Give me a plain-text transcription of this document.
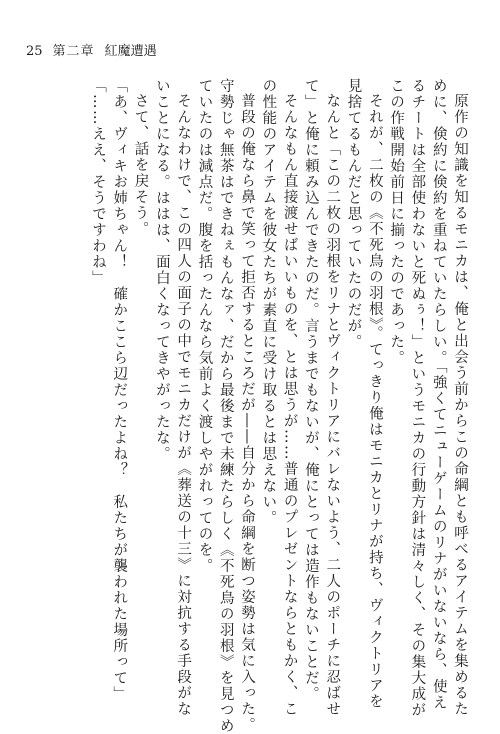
25 第二章 紅魔遭遇
原作の知識を知るモニカは、俺と出会う前からこの命綱とも呼べるアイテムを集めるた
めに、倹約に倹約を重ねていたらしい。「強くてニューゲームのリナがいないなら、使え
るチートは全部使わないと死ぬぅ！」というモニカの行動方針は清々しく、その集大成が
この作戦開始前日に揃ったのであった。
それが、二枚の《不死鳥の羽根》。てっきり俺はモニカとリナが持ち、ヴィクトリアを
見捨てるもんだと思っていたのだが。
なんと「この二枚の羽根をリナとヴィクトリアにバレないよう、二人のポーチに忍ばせ
て」と俺に頼み込んできたのだ。言うまでもないが、俺にとっては造作もないことだ。
そんなもん直接渡せばいいものを、とは思うが……普通のプレゼントならともかく、こ
の性能のアイテムを彼女たちが素直に受け取るとは思えない。
普段の俺なら鼻で笑って拒否するところだが――自分から命綱を断つ姿勢は気に入った。
守勢じゃ無茶はできねぇもんなァ、だから最後まで未練たらしく《不死鳥の羽根》を見つめ
ていたのは減点だ。腹を括ったんなら気前よく渡しやがれってのを。
そんなわけで、この四人の面子の中でモニカだけが《葬送の十三》に対抗する手段がな
いことになる。ははは、面白くなってきやがったな。
さて、話を戻そう。
「あ、ヴィキお姉ちゃん！　確かここら辺だったよね？　私たちが襲われた場所って」
「……ええ、そうですわね」
